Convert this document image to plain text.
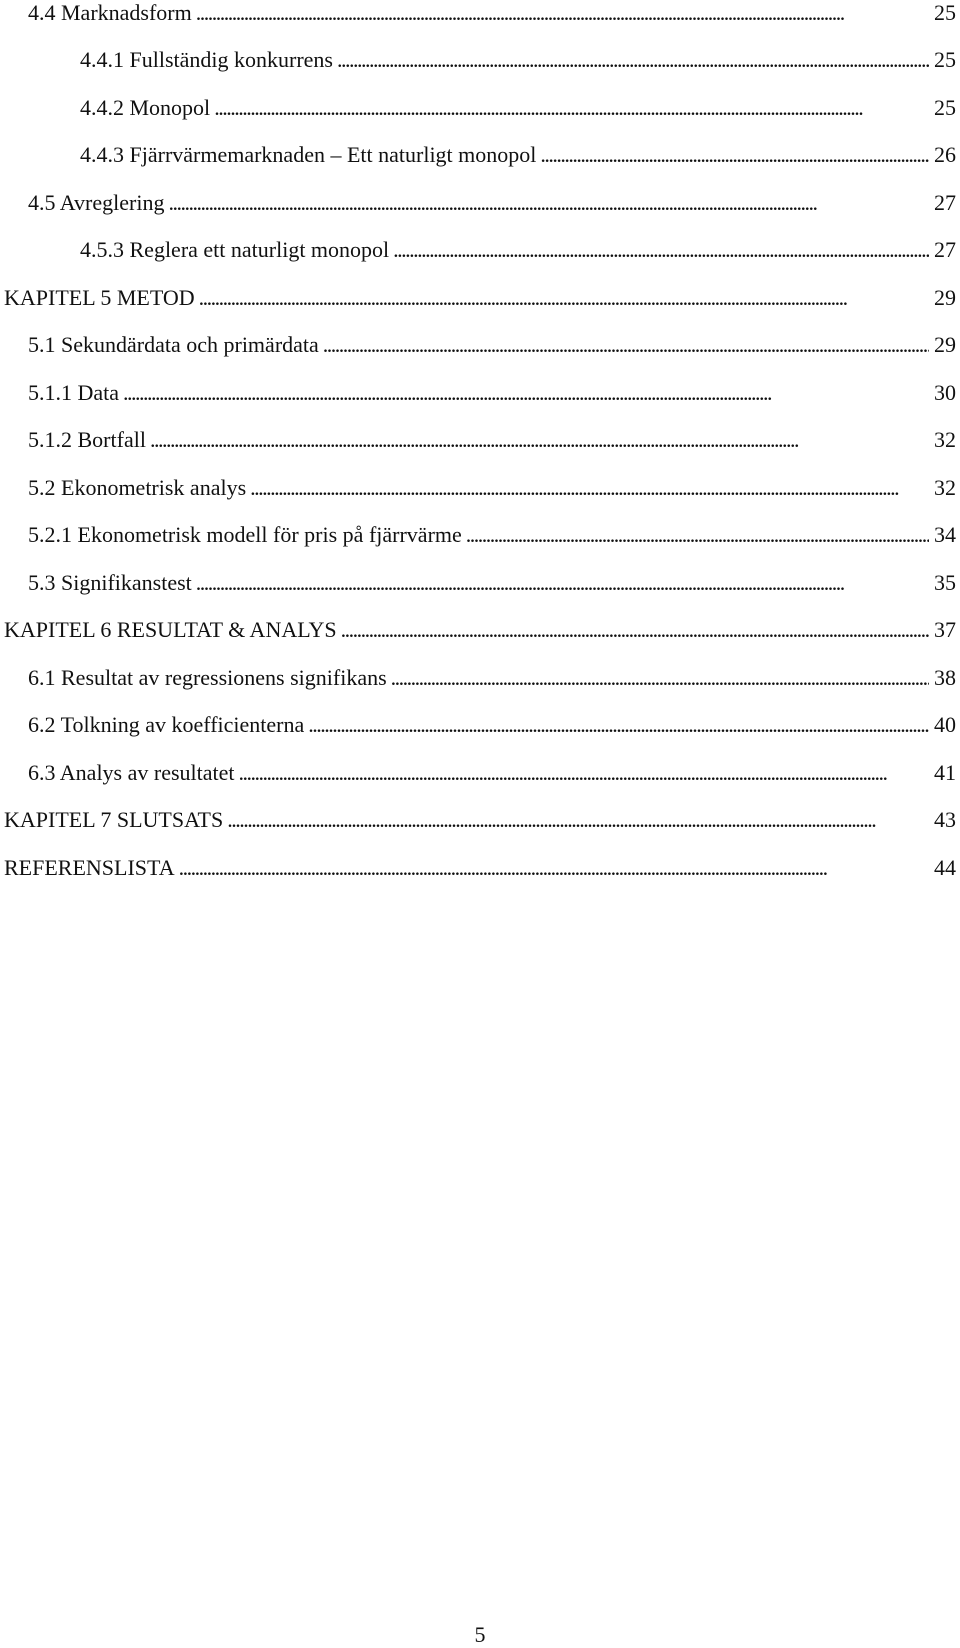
4.4 Marknadsform . . .	25
4.4.1 Fullständig konkurrens . . .	25
4.4.2 Monopol . . .	25
4.4.3 Fjärrvärmemarknaden – Ett naturligt monopol . . .	26
4.5 Avreglering . . .	27
4.5.3 Reglera ett naturligt monopol . . .	27
KAPITEL 5 METOD . . .	29
5.1 Sekundärdata och primärdata . . .	29
5.1.1 Data . . .	30
5.1.2 Bortfall . . .	32
5.2 Ekonometrisk analys . . .	32
5.2.1 Ekonometrisk modell för pris på fjärrvärme . . .	34
5.3 Signifikanstest . . .	35
KAPITEL 6 RESULTAT & ANALYS . . .	37
6.1 Resultat av regressionens signifikans . . .	38
6.2 Tolkning av koefficienterna . . .	40
6.3 Analys av resultatet . . .	41
KAPITEL 7 SLUTSATS . . .	43
REFERENSLISTA . . .	44
5
